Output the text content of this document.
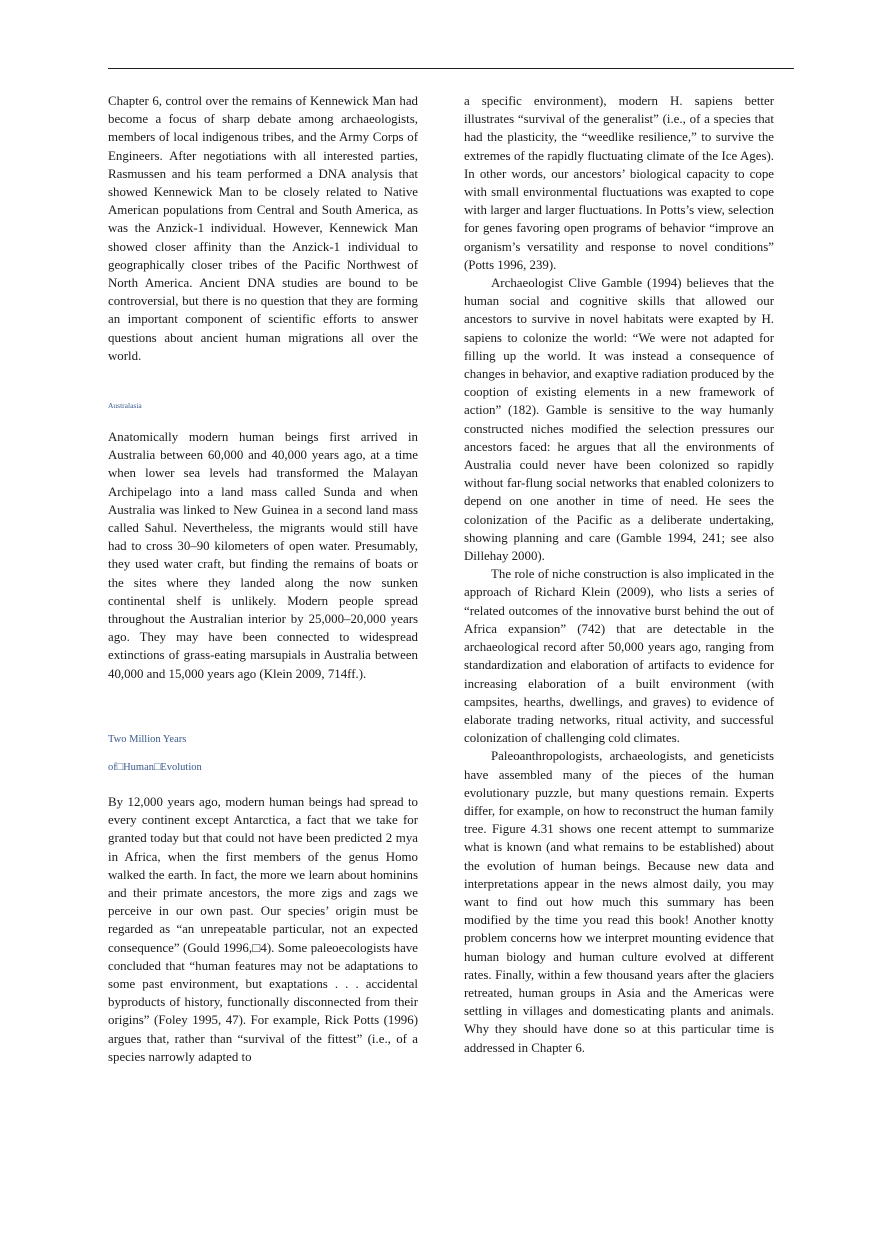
Chapter 6, control over the remains of Kennewick Man had become a focus of sharp debate among archaeologists, members of local indigenous tribes, and the Army Corps of Engineers. After negotiations with all interested parties, Rasmussen and his team performed a DNA analysis that showed Kennewick Man to be closely related to Native American populations from Central and South America, as was the Anzick-1 individual. However, Kennewick Man showed closer affinity than the Anzick-1 individual to geographically closer tribes of the Pacific Northwest of North America. Ancient DNA studies are bound to be controversial, but there is no question that they are forming an important component of scientific efforts to answer questions about ancient human migrations all over the world.

Australasia

Anatomically modern human beings first arrived in Australia between 60,000 and 40,000 years ago, at a time when lower sea levels had transformed the Malayan Archipelago into a land mass called Sunda and when Australia was linked to New Guinea in a second land mass called Sahul. Nevertheless, the migrants would still have had to cross 30–90 kilometers of open water. Presumably, they used water craft, but finding the remains of boats or the sites where they landed along the now sunken continental shelf is unlikely. Modern people spread throughout the Australian interior by 25,000–20,000 years ago. They may have been connected to widespread extinctions of grass-eating marsupials in Australia between 40,000 and 15,000 years ago (Klein 2009, 714ff.).

Two Million Years
of□Human□Evolution

By 12,000 years ago, modern human beings had spread to every continent except Antarctica, a fact that we take for granted today but that could not have been predicted 2 mya in Africa, when the first members of the genus Homo walked the earth. In fact, the more we learn about hominins and their primate ancestors, the more zigs and zags we perceive in our own past. Our species’ origin must be regarded as “an unrepeatable particular, not an expected consequence” (Gould 1996,□4). Some paleoecologists have concluded that “human features may not be adaptations to some past environment, but exaptations . . . accidental byproducts of history, functionally disconnected from their origins” (Foley 1995, 47). For example, Rick Potts (1996) argues that, rather than “survival of the fittest” (i.e., of a species narrowly adapted to

a specific environment), modern H. sapiens better illustrates “survival of the generalist” (i.e., of a species that had the plasticity, the “weedlike resilience,” to survive the extremes of the rapidly fluctuating climate of the Ice Ages). In other words, our ancestors’ biological capacity to cope with small environmental fluctuations was exapted to cope with larger and larger fluctuations. In Potts’s view, selection for genes favoring open programs of behavior “improve an organism’s versatility and response to novel conditions” (Potts 1996, 239).

Archaeologist Clive Gamble (1994) believes that the human social and cognitive skills that allowed our ancestors to survive in novel habitats were exapted by H. sapiens to colonize the world: “We were not adapted for filling up the world. It was instead a consequence of changes in behavior, and exaptive radiation produced by the cooption of existing elements in a new framework of action” (182). Gamble is sensitive to the way humanly constructed niches modified the selection pressures our ancestors faced: he argues that all the environments of Australia could never have been colonized so rapidly without far-flung social networks that enabled colonizers to depend on one another in time of need. He sees the colonization of the Pacific as a deliberate undertaking, showing planning and care (Gamble 1994, 241; see also Dillehay 2000).

The role of niche construction is also implicated in the approach of Richard Klein (2009), who lists a series of “related outcomes of the innovative burst behind the out of Africa expansion” (742) that are detectable in the archaeological record after 50,000 years ago, ranging from standardization and elaboration of artifacts to evidence for increasing elaboration of a built environment (with campsites, hearths, dwellings, and graves) to evidence of elaborate trading networks, ritual activity, and successful colonization of challenging cold climates.

Paleoanthropologists, archaeologists, and geneticists have assembled many of the pieces of the human evolutionary puzzle, but many questions remain. Experts differ, for example, on how to reconstruct the human family tree. Figure 4.31 shows one recent attempt to summarize what is known (and what remains to be established) about the evolution of human beings. Because new data and interpretations appear in the news almost daily, you may want to find out how much this summary has been modified by the time you read this book! Another knotty problem concerns how we interpret mounting evidence that human biology and human culture evolved at different rates. Finally, within a few thousand years after the glaciers retreated, human groups in Asia and the Americas were settling in villages and domesticating plants and animals. Why they should have done so at this particular time is addressed in Chapter 6.
